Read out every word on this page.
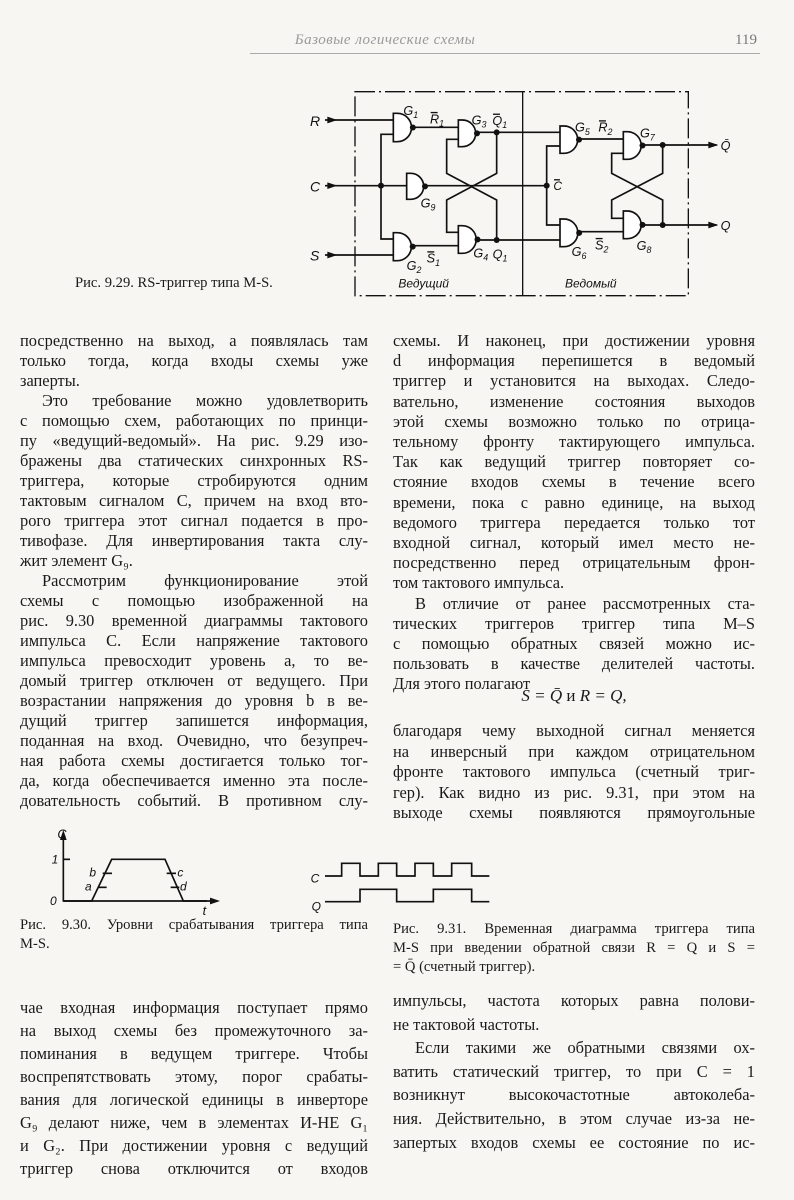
Базовые логические схемы	119
Рис. 9.29. RS-триггер типа M-S.
R
C
S
Q̄
Q
$G_1$
$G_2$
$G_3$
$G_4$
$G_5$
$G_6$
$G_7$
$G_8$
$G_9$
$R_1$ $Q_1$
$S_1$
$Q_1$
C
$R_2$
$S_2$
Ведущий	Ведомый
посредственно на выход, а появлялась там
только тогда, когда входы схемы уже
заперты.
Это требование можно удовлетворить
с помощью схем, работающих по принци-
пу «ведущий-ведомый». На рис. 9.29 изо-
бражены два статических синхронных RS-
триггера, которые стробируются одним
тактовым сигналом C, причем на вход вто-
рого триггера этот сигнал подается в про-
тивофазе. Для инвертирования такта слу-
жит элемент G₉.
Рассмотрим функционирование этой
схемы с помощью изображенной на
рис. 9.30 временной диаграммы тактового
импульса C. Если напряжение тактового
импульса превосходит уровень a, то ве-
домый триггер отключен от ведущего. При
возрастании напряжения до уровня b в ве-
дущий триггер запишется информация,
поданная на вход. Очевидно, что безупреч-
ная работа схемы достигается только тог-
да, когда обеспечивается именно эта после-
довательность событий. В противном слу-
схемы. И наконец, при достижении уровня
d информация перепишется в ведомый
триггер и установится на выходах. Следо-
вательно, изменение состояния выходов
этой схемы возможно только по отрица-
тельному фронту тактирующего импульса.
Так как ведущий триггер повторяет со-
стояние входов схемы в течение всего
времени, пока c равно единице, на выход
ведомого триггера передается только тот
входной сигнал, который имел место не-
посредственно перед отрицательным фрон-
том тактового импульса.
В отличие от ранее рассмотренных ста-
тических триггеров триггер типа M–S
с помощью обратных связей можно ис-
пользовать в качестве делителей частоты.
Для этого полагают
S = Q̄ и R = Q,
благодаря чему выходной сигнал меняется
на инверсный при каждом отрицательном
фронте тактового импульса (счетный триг-
гер). Как видно из рис. 9.31, при этом на
выходе схемы появляются прямоугольные
C
t
1
0
a
b c
d
C
Q
Рис. 9.30. Уровни срабатывания триггера типа
M-S.
Рис. 9.31. Временная диаграмма триггера типа
M-S при введении обратной связи R = Q и S =
= Q̄ (счетный триггер).
чае входная информация поступает прямо
на выход схемы без промежуточного за-
поминания в ведущем триггере. Чтобы
воспрепятствовать этому, порог срабаты-
вания для логической единицы в инверторе
G₉ делают ниже, чем в элементах И-НЕ G₁
и G₂. При достижении уровня c ведущий
триггер снова отключится от входов
импульсы, частота которых равна полови-
не тактовой частоты.
Если такими же обратными связями ох-
ватить статический триггер, то при C = 1
возникнут высокочастотные автоколеба-
ния. Действительно, в этом случае из-за не-
запертых входов схемы ее состояние по ис-
